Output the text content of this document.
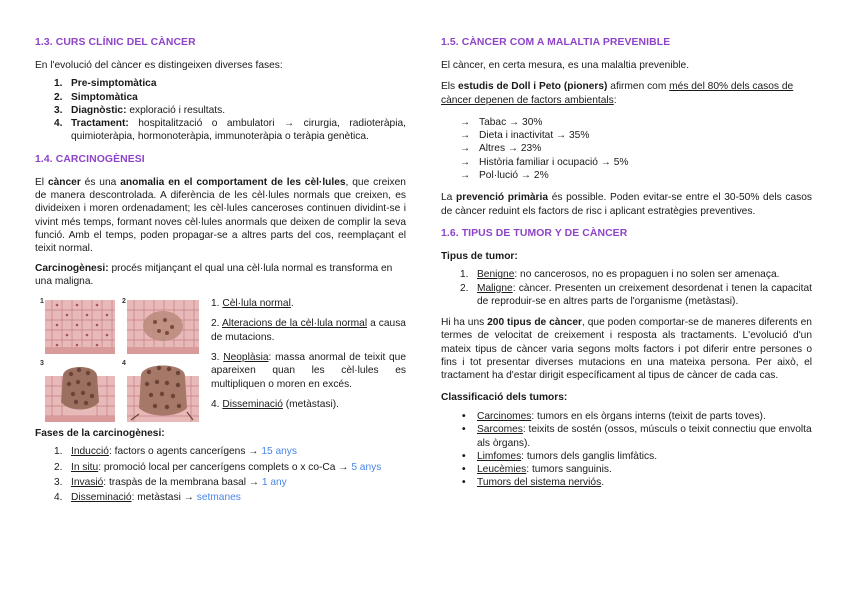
1.3. CURS CLÍNIC DEL CÀNCER

En l'evolució del càncer es distingeixen diverses fases:

1. Pre-simptomàtica
2. Simptomàtica
3. Diagnòstic: exploració i resultats.
4. Tractament: hospitalització o ambulatori → cirurgia, radioteràpia, quimioteràpia, hormonoteràpia, immunoteràpia o teràpia genètica.
1.4. CARCINOGÈNESI

El càncer és una anomalia en el comportament de les cèl·lules, que creixen de manera descontrolada. A diferència de les cèl·lules normals que creixen, es divideixen i moren ordenadament; les cèl·lules canceroses continuen dividint-se i vivint més temps, formant noves cèl·lules anormals que deixen de complir la seva funció. Amb el temps, poden propagar-se a altres parts del cos, reemplaçant el teixit normal.

Carcinogènesi: procés mitjançant el qual una cèl·lula normal es transforma en una maligna.

1	2
3	4

1. Cèl·lula normal.

2. Alteracions de la cèl·lula normal a causa de mutacions.

3. Neoplàsia: massa anormal de teixit que apareixen quan les cèl·lules es multipliquen o moren en excés.

4. Disseminació (metàstasi).

Fases de la carcinogènesi:

1. Inducció: factors o agents cancerígens → 15 anys
2. In situ: promoció local per cancerígens complets o x co-Ca → 5 anys
3. Invasió: traspàs de la membrana basal → 1 any
4. Disseminació: metàstasi → setmanes
1.5. CÀNCER COM A MALALTIA PREVENIBLE

El càncer, en certa mesura, es una malaltia prevenible.

Els estudis de Doll i Peto (pioners) afirmen com més del 80% dels casos de càncer depenen de factors ambientals:

→ Tabac → 30%
→ Dieta i inactivitat → 35%
→ Altres → 23%
→ Història familiar i ocupació → 5%
→ Pol·lució → 2%

La prevenció primària és possible. Poden evitar-se entre el 30-50% dels casos de càncer reduint els factors de risc i aplicant estratègies preventives.

1.6. TIPUS DE TUMOR Y DE CÀNCER

Tipus de tumor:

1. Benigne: no cancerosos, no es propaguen i no solen ser amenaça.
2. Maligne: càncer. Presenten un creixement desordenat i tenen la capacitat de reproduir-se en altres parts de l'organisme (metàstasi).

Hi ha uns 200 tipus de càncer, que poden comportar-se de maneres diferents en termes de velocitat de creixement i resposta als tractaments. L'evolució d'un mateix tipus de càncer varia segons molts factors i pot diferir entre persones o fins i tot presentar diverses mutacions en una mateixa persona. Per això, el tractament ha d'estar dirigit específicament al tipus de càncer de cada cas.

Classificació dels tumors:

• Carcinomes: tumors en els òrgans interns (teixit de parts toves).
• Sarcomes: teixits de sostén (ossos, músculs o teixit connectiu que envolta als òrgans).
• Limfomes: tumors dels ganglis limfàtics.
• Leucèmies: tumors sanguinis.
• Tumors del sistema nerviós.
